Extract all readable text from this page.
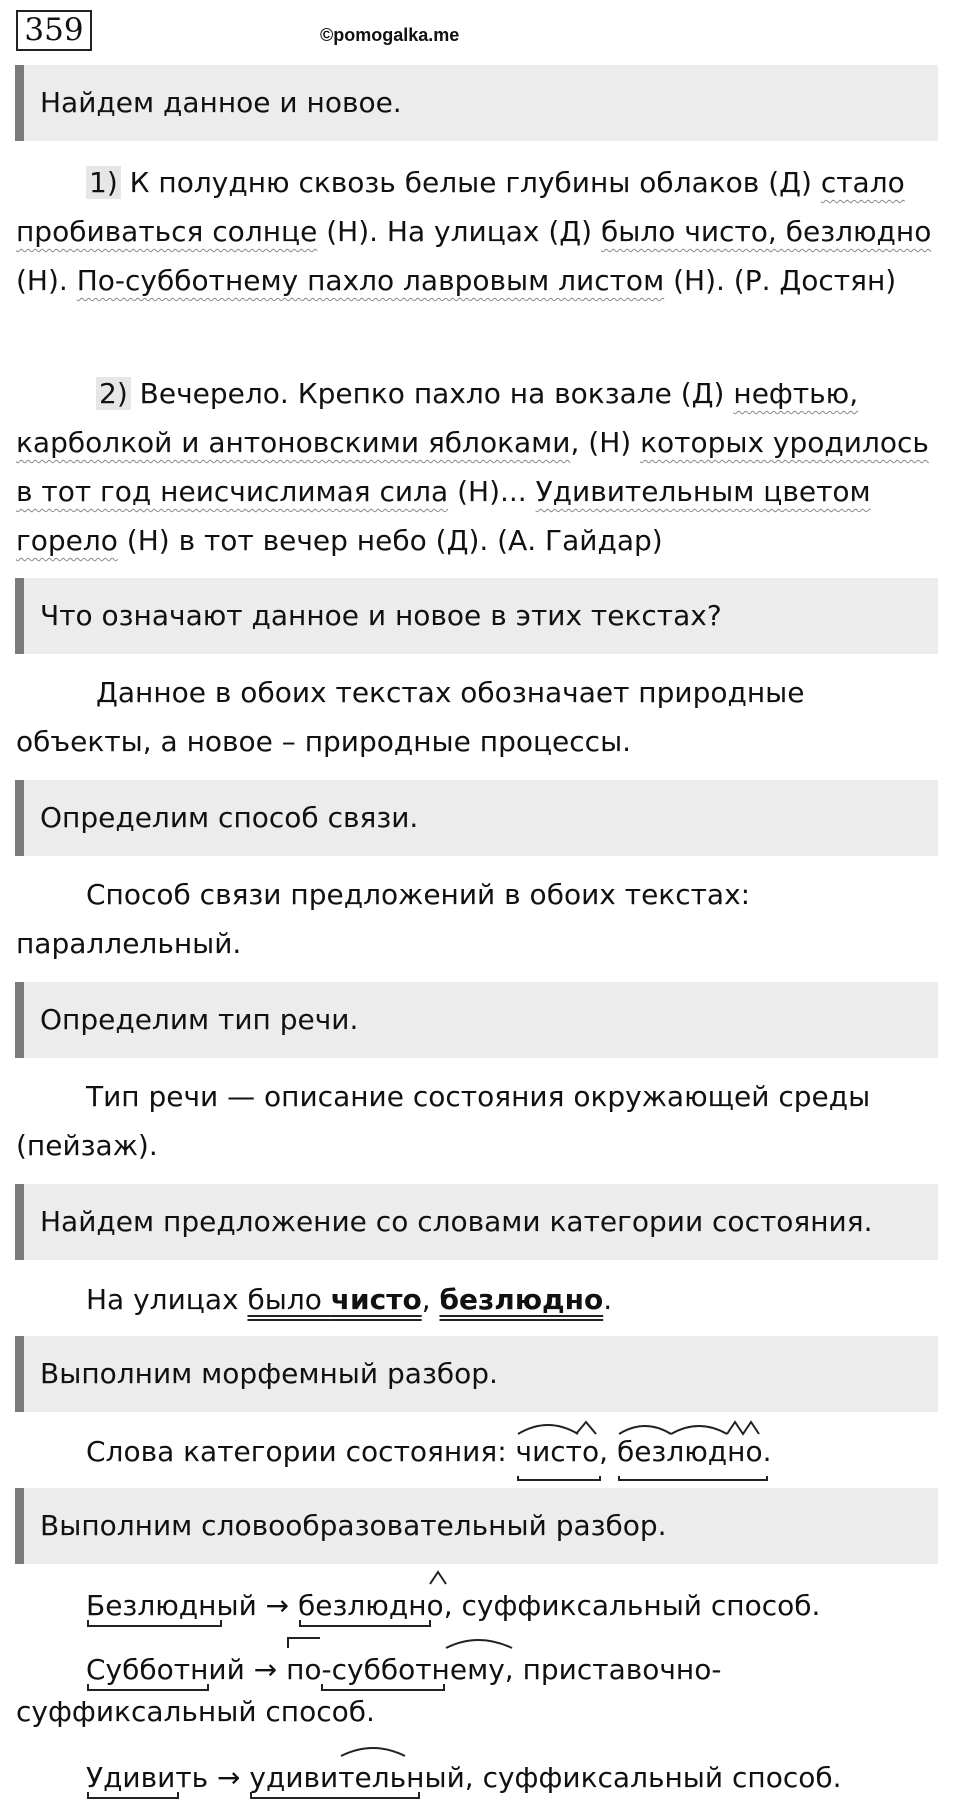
359	©pomogalka.me
Найдем данное и новое.
1) К полудню сквозь белые глубины облаков (Д) стало пробиваться солнце (Н). На улицах (Д) было чисто, безлюдно (Н). По-субботнему пахло лавровым листом (Н). (Р. Достян)
2) Вечерело. Крепко пахло на вокзале (Д) нефтью, карболкой и антоновскими яблоками, (Н) которых уродилось в тот год неисчислимая сила (Н)... Удивительным цветом горело (Н) в тот вечер небо (Д). (А. Гайдар)
Что означают данное и новое в этих текстах?
Данное в обоих текстах обозначает природные объекты, а новое – природные процессы.
Определим способ связи.
Способ связи предложений в обоих текстах: параллельный.
Определим тип речи.
Тип речи — описание состояния окружающей среды (пейзаж).
Найдем предложение со словами категории состояния.
На улицах было чисто, безлюдно.
Выполним морфемный разбор.
Слова категории состояния: чисто
, безлюдно
.
Выполним словообразовательный разбор.
Безлюдный
→ безлюдно
, суффиксальный способ.
Субботний
→ по-субботнему
, приставочно-
суффиксальный способ.
Удивить
→ удивительный
, суффиксальный способ.
